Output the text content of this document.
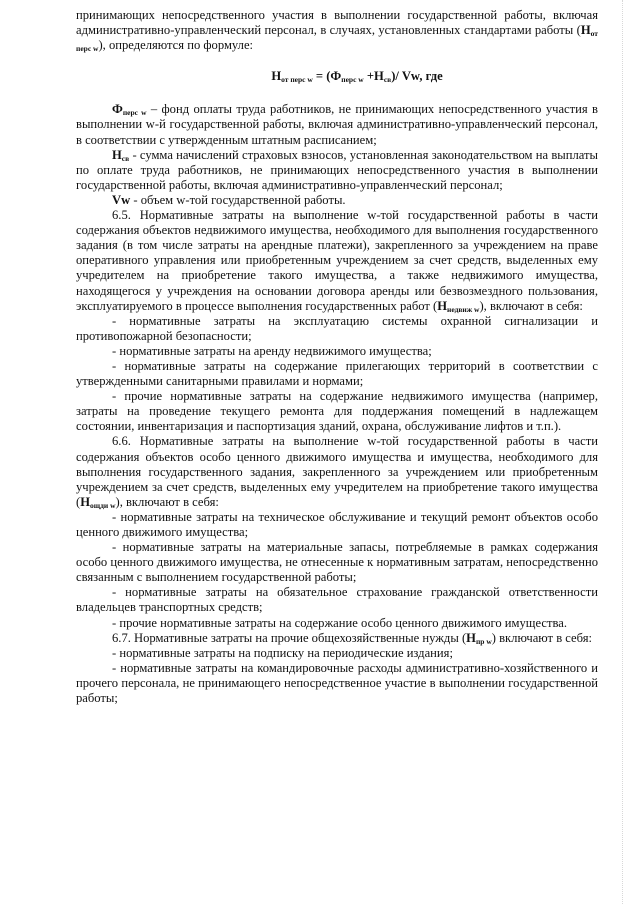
принимающих непосредственного участия в выполнении государственной работы, включая административно-управленческий персонал, в случаях, установленных стандартами работы $(Н_{от перс w})$, определяются по формуле:

$Н_{от перс w} = (Ф_{перс w} +Н_{св})/$ Vw, где

$Ф_{перс w}$ – фонд оплаты труда работников, не принимающих непосредственного участия в выполнении w-й государственной работы, включая административно-управленческий персонал, в соответствии с утвержденным штатным расписанием;

$Н_{св}$ - сумма начислений страховых взносов, установленная законодательством на выплаты по оплате труда работников, не принимающих непосредственного участия в выполнении государственной работы, включая административно-управленческий персонал;

Vw - объем w-той государственной работы.

6.5. Нормативные затраты на выполнение w-той государственной работы в части содержания объектов недвижимого имущества, необходимого для выполнения государственного задания (в том числе затраты на арендные платежи), закрепленного за учреждением на праве оперативного управления или приобретенным учреждением за счет средств, выделенных ему учредителем на приобретение такого имущества, а также недвижимого имущества, находящегося у учреждения на основании договора аренды или безвозмездного пользования, эксплуатируемого в процессе выполнения государственных работ $(Н_{недвиж w})$, включают в себя:

- нормативные затраты на эксплуатацию системы охранной сигнализации и противопожарной безопасности;

- нормативные затраты на аренду недвижимого имущества;

- нормативные затраты на содержание прилегающих территорий в соответствии с утвержденными санитарными правилами и нормами;

- прочие нормативные затраты на содержание недвижимого имущества (например, затраты на проведение текущего ремонта для поддержания помещений в надлежащем состоянии, инвентаризация и паспортизация зданий, охрана, обслуживание лифтов и т.п.).

6.6. Нормативные затраты на выполнение w-той государственной работы в части содержания объектов особо ценного движимого имущества и имущества, необходимого для выполнения государственного задания, закрепленного за учреждением или приобретенным учреждением за счет средств, выделенных ему учредителем на приобретение такого имущества $(Н_{ощди w})$, включают в себя:

- нормативные затраты на техническое обслуживание и текущий ремонт объектов особо ценного движимого имущества;

- нормативные затраты на материальные запасы, потребляемые в рамках содержания особо ценного движимого имущества, не отнесенные к нормативным затратам, непосредственно связанным с выполнением государственной работы;

- нормативные затраты на обязательное страхование гражданской ответственности владельцев транспортных средств;

- прочие нормативные затраты на содержание особо ценного движимого имущества.

6.7. Нормативные затраты на прочие общехозяйственные нужды $(Н_{пр w})$ включают в себя:

- нормативные затраты на подписку на периодические издания;

- нормативные затраты на командировочные расходы административно-хозяйственного и прочего персонала, не принимающего непосредственное участие в выполнении государственной работы;
